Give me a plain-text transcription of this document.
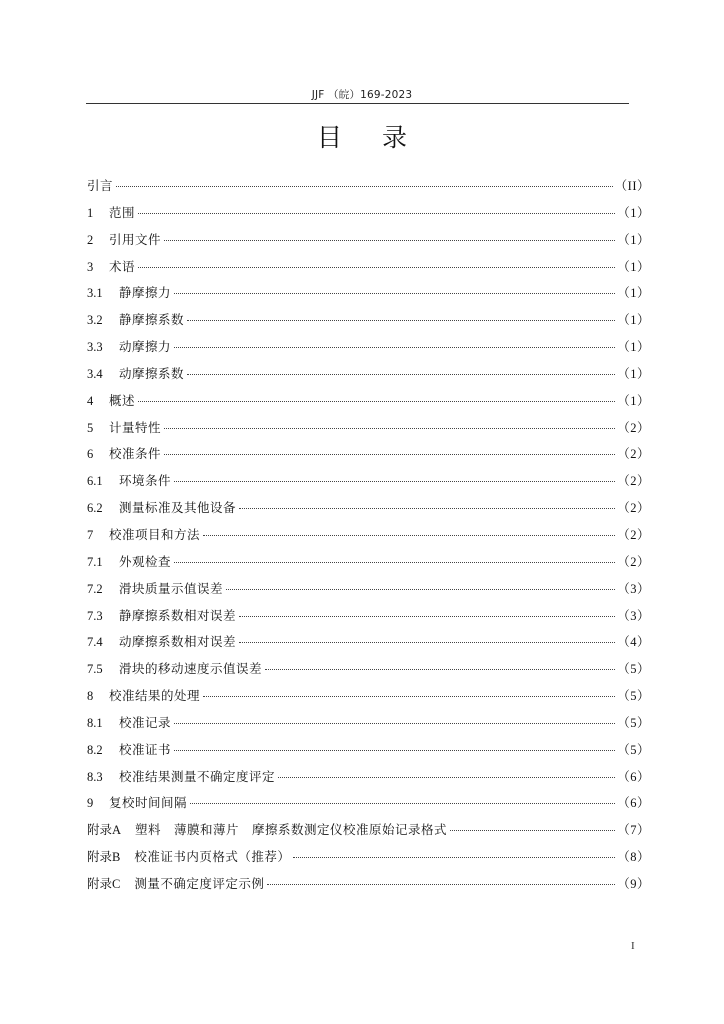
JJF （皖）169-2023
目录
引言	（II）
1	范围	（1）
2	引用文件	（1）
3	术语	（1）
3.1	静摩擦力	（1）
3.2	静摩擦系数	（1）
3.3	动摩擦力	（1）
3.4	动摩擦系数	（1）
4	概述	（1）
5	计量特性	（2）
6	校准条件	（2）
6.1	环境条件	（2）
6.2	测量标准及其他设备	（2）
7	校准项目和方法	（2）
7.1	外观检查	（2）
7.2	滑块质量示值误差	（3）
7.3	静摩擦系数相对误差	（3）
7.4	动摩擦系数相对误差	（4）
7.5	滑块的移动速度示值误差	（5）
8	校准结果的处理	（5）
8.1	校准记录	（5）
8.2	校准证书	（5）
8.3	校准结果测量不确定度评定	（6）
9	复校时间间隔	（6）
附录A 塑料　薄膜和薄片　摩擦系数测定仪校准原始记录格式	（7）
附录B 校准证书内页格式（推荐）	（8）
附录C 测量不确定度评定示例	（9）
I
